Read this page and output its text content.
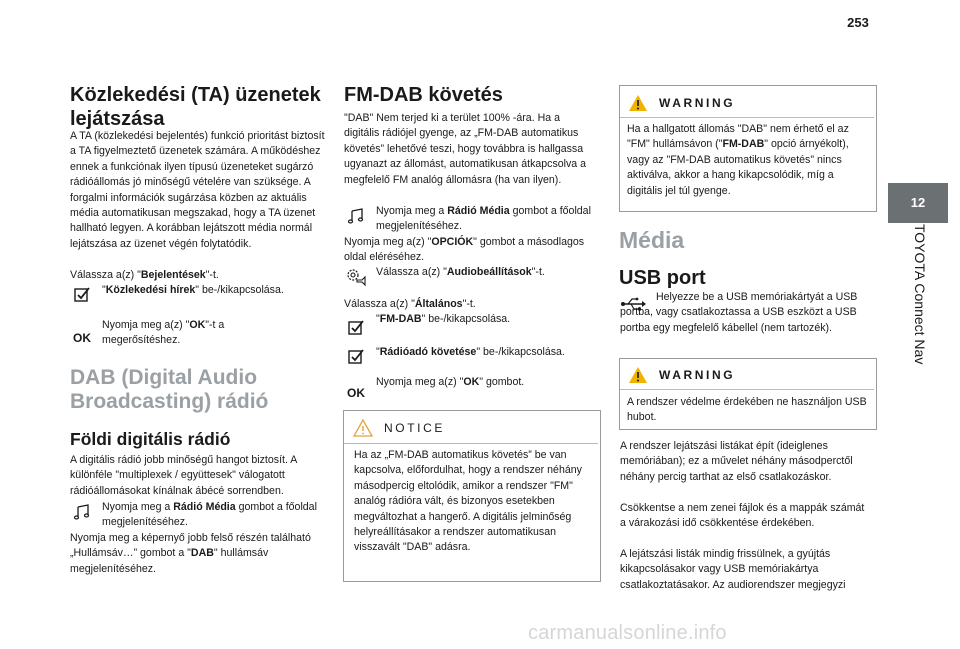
253
12
TOYOTA Connect Nav
Közlekedési (TA) üzenetek lejátszása

A TA (közlekedési bejelentés) funkció prioritást biztosít a TA figyelmeztető üzenetek számára. A működéshez ennek a funkciónak ilyen típusú üzeneteket sugárzó rádióállomás jó minőségű vételére van szüksége. A forgalmi információk sugárzása közben az aktuális média automatikusan megszakad, hogy a TA üzenet hallható legyen. A korábban lejátszott média normál lejátszása az üzenet végén folytatódik.

Válassza a(z) "Bejelentések"-t.

"Közlekedési hírek" be-/kikapcsolása.

OK

Nyomja meg a(z) "OK"-t a megerősítéshez.

DAB (Digital Audio Broadcasting) rádió
Földi digitális rádió

A digitális rádió jobb minőségű hangot biztosít. A különféle "multiplexek / együttesek" válogatott rádióállomásokat kínálnak ábécé sorrendben.

Nyomja meg a Rádió Média gombot a főoldal megjelenítéséhez.

Nyomja meg a képernyő jobb felső részén található „Hullámsáv…” gombot a "DAB" hullámsáv megjelenítéséhez.

FM-DAB követés

"DAB" Nem terjed ki a terület 100% -ára. Ha a digitális rádiójel gyenge, az „FM-DAB automatikus követés” lehetővé teszi, hogy továbbra is hallgassa ugyanazt az állomást, automatikusan átkapcsolva a megfelelő FM analóg állomásra (ha van ilyen).

Nyomja meg a Rádió Média gombot a főoldal megjelenítéséhez.

Nyomja meg a(z) "OPCIÓK" gombot a másodlagos oldal eléréséhez.

Válassza a(z) "Audiobeállítások"-t.

Válassza a(z) "Általános"-t.

"FM-DAB" be-/kikapcsolása.

"Rádióadó követése" be-/kikapcsolása.

OK

Nyomja meg a(z) "OK" gombot.

NOTICE

Ha az „FM-DAB automatikus követés” be van kapcsolva, előfordulhat, hogy a rendszer néhány másodpercig eltolódik, amikor a rendszer "FM" analóg rádióra vált, és bizonyos esetekben megváltozhat a hangerő. A digitális jelminőség helyreállításakor a rendszer automatikusan visszavált "DAB" adásra.

WARNING

Ha a hallgatott állomás "DAB" nem érhető el az "FM" hullámsávon ("FM-DAB" opció árnyékolt), vagy az "FM-DAB automatikus követés" nincs aktiválva, akkor a hang kikapcsolódik, míg a digitális jel túl gyenge.

Média
USB port

Helyezze be a USB memóriakártyát a USB portba, vagy csatlakoztassa a USB eszközt a USB portba egy megfelelő kábellel (nem tartozék).

WARNING

A rendszer védelme érdekében ne használjon USB hubot.

A rendszer lejátszási listákat épít (ideiglenes memóriában); ez a művelet néhány másodperctől néhány percig tarthat az első csatlakozáskor.

Csökkentse a nem zenei fájlok és a mappák számát a várakozási idő csökkentése érdekében.

A lejátszási listák mindig frissülnek, a gyújtás kikapcsolásakor vagy USB memóriakártya csatlakoztatásakor. Az audiorendszer megjegyzi

carmanualsonline.info
